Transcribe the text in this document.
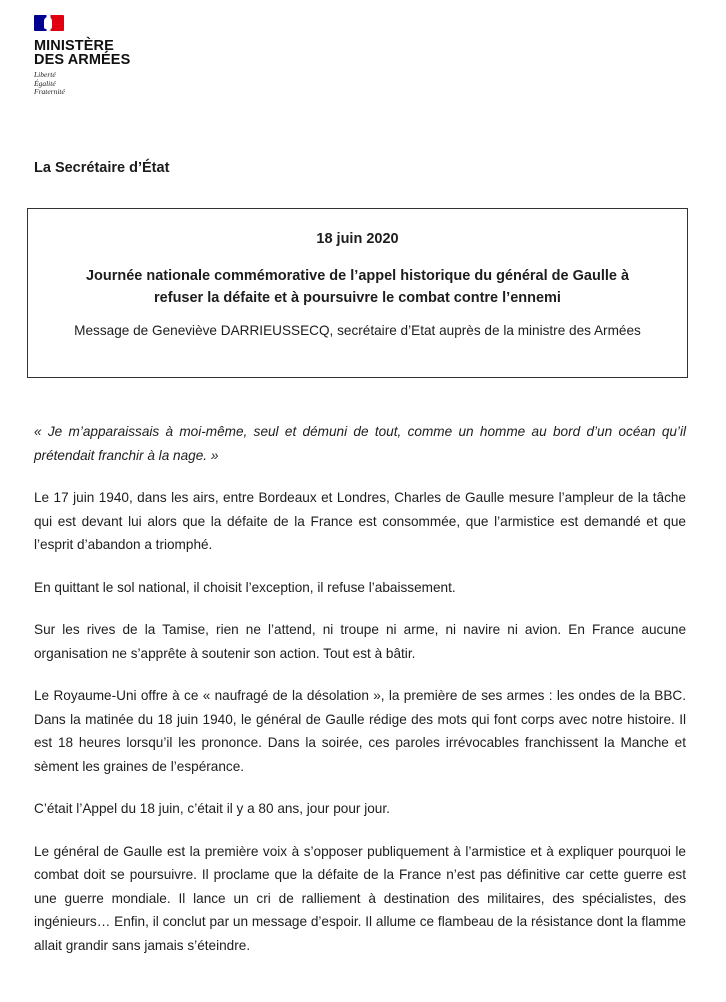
MINISTÈRE
DES ARMÉES
Liberté
Égalité
Fraternité
La Secrétaire d’État
18 juin 2020
Journée nationale commémorative de l’appel historique du général de Gaulle à
refuser la défaite et à poursuivre le combat contre l’ennemi
Message de Geneviève DARRIEUSSECQ, secrétaire d’Etat auprès de la ministre des Armées

« Je m’apparaissais à moi-même, seul et démuni de tout, comme un homme au bord d’un océan qu’il prétendait franchir à la nage. »

Le 17 juin 1940, dans les airs, entre Bordeaux et Londres, Charles de Gaulle mesure l’ampleur de la tâche qui est devant lui alors que la défaite de la France est consommée, que l’armistice est demandé et que l’esprit d’abandon a triomphé.

En quittant le sol national, il choisit l’exception, il refuse l’abaissement.

Sur les rives de la Tamise, rien ne l’attend, ni troupe ni arme, ni navire ni avion. En France aucune organisation ne s’apprête à soutenir son action. Tout est à bâtir.

Le Royaume-Uni offre à ce « naufragé de la désolation », la première de ses armes : les ondes de la BBC. Dans la matinée du 18 juin 1940, le général de Gaulle rédige des mots qui font corps avec notre histoire. Il est 18 heures lorsqu’il les prononce. Dans la soirée, ces paroles irrévocables franchissent la Manche et sèment les graines de l’espérance.

C’était l’Appel du 18 juin, c’était il y a 80 ans, jour pour jour.

Le général de Gaulle est la première voix à s’opposer publiquement à l’armistice et à expliquer pourquoi le combat doit se poursuivre. Il proclame que la défaite de la France n’est pas définitive car cette guerre est une guerre mondiale. Il lance un cri de ralliement à destination des militaires, des spécialistes, des ingénieurs… Enfin, il conclut par un message d’espoir. Il allume ce flambeau de la résistance dont la flamme allait grandir sans jamais s’éteindre.
